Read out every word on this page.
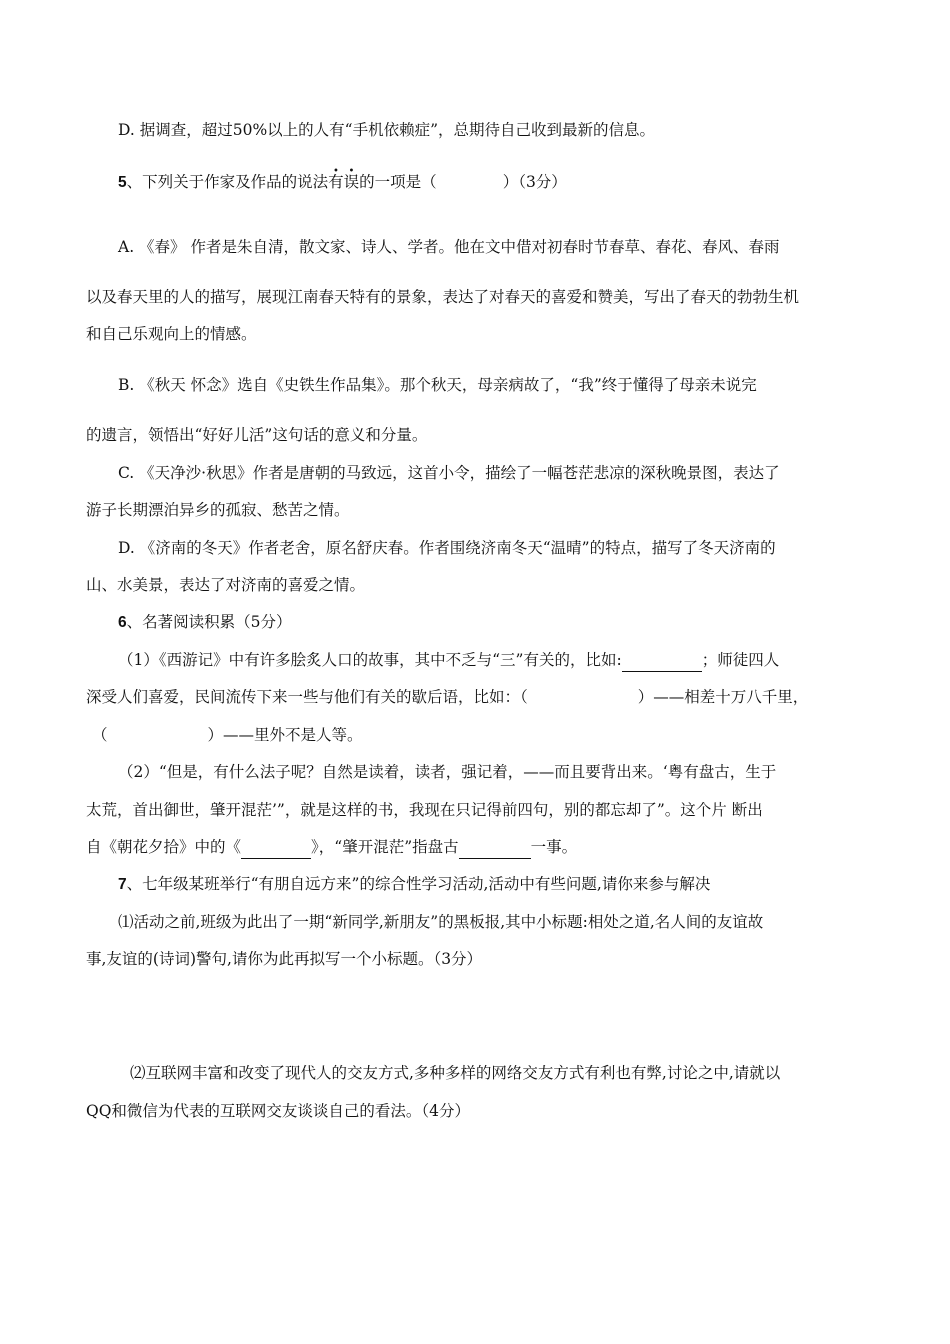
D. 据调查，超过50%以上的人有“手机依赖症”，总期待自己收到最新的信息。
5、下列关于作家及作品的说法有误的一项是（	）（3分）
A. 《春》 作者是朱自清，散文家、诗人、学者。他在文中借对初春时节春草、春花、春风、春雨
以及春天里的人的描写，展现江南春天特有的景象，表达了对春天的喜爱和赞美，写出了春天的勃勃生机
和自己乐观向上的情感。
B. 《秋天 怀念》选自《史铁生作品集》。那个秋天，母亲病故了，“我”终于懂得了母亲未说完
的遗言，领悟出“好好儿活”这句话的意义和分量。
C. 《天净沙·秋思》作者是唐朝的马致远，这首小令，描绘了一幅苍茫悲凉的深秋晚景图，表达了
游子长期漂泊异乡的孤寂、愁苦之情。
D. 《济南的冬天》作者老舍，原名舒庆春。作者围绕济南冬天“温晴”的特点，描写了冬天济南的
山、水美景，表达了对济南的喜爱之情。
6、名著阅读积累（5分）
（1）《西游记》中有许多脍炙人口的故事，其中不乏与“三”有关的，比如:	；师徒四人
深受人们喜爱，民间流传下来一些与他们有关的歇后语，比如：（	）——相差十万八千里，
（	）——里外不是人等。
（2）“但是，有什么法子呢？自然是读着，读者，强记着，——而且要背出来。‘粤有盘古，生于
太荒，首出御世，肇开混茫’”，就是这样的书，我现在只记得前四句，别的都忘却了”。这个片 断出
自《朝花夕拾》中的《	》，“肇开混茫”指盘古	一事。
7、七年级某班举行“有朋自远方来”的综合性学习活动,活动中有些问题,请你来参与解决
⑴活动之前,班级为此出了一期“新同学,新朋友”的黑板报,其中小标题:相处之道,名人间的友谊故
事,友谊的(诗词)警句,请你为此再拟写一个小标题。（3分）
⑵互联网丰富和改变了现代人的交友方式,多种多样的网络交友方式有利也有弊,讨论之中,请就以
QQ和微信为代表的互联网交友谈谈自己的看法。（4分）
